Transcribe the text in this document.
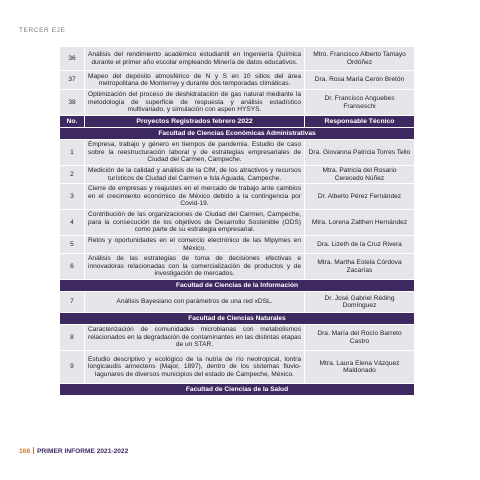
TERCER EJE
36	Análisis del rendimiento académico estudiantil en Ingeniería Química durante el primer año escolar empleando Minería de datos educativos.	Mtro. Francisco Alberto Tamayo Ordóñez
37	Mapeo del depósito atmosférico de N y S en 10 sitios del área metropolitana de Monterrey y durante dos temporadas climáticas.	Dra. Rosa María Cerón Bretón
38	Optimización del proceso de deshidratación de gas natural mediante la metodología de superficie de respuesta y análisis estadístico multivariado, y simulación con aspen HYSYS.	Dr. Francisco Anguebes Franseschi
No.	Proyectos Registrados febrero 2022	Responsable Técnico
Facultad de Ciencias Económicas Administrativas		
1	Empresa, trabajo y género en tiempos de pandemia. Estudio de caso sobre la reestructuración laboral y de estrategias empresariales de Ciudad del Carmen, Campeche.	Dra. Giovanna Patricia Torres Tello
2	Medición de la calidad y análisis de la CIM, de los atractivos y recursos turísticos de Ciudad del Carmen e Isla Aguada, Campeche.	Mtra. Patricia del Rosario Cerecedo Núñez
3	Cierre de empresas y reajustes en el mercado de trabajo ante cambios en el crecimiento económico de México debido a la contingencia por Covid-19.	Dr. Alberto Pérez Fernández
4	Contribución de las organizaciones de Ciudad del Carmen, Campeche, para la consecución de los objetivos de Desarrollo Sostenible (ODS) como parte de su estrategia empresarial.	Mtra. Lorena Zalthen Hernández
5	Retos y oportunidades en el comercio electrónico de las Mipymes en México.	Dra. Lizeth de la Cruz Rivera
6	Análisis de las estrategias de toma de decisiones efectivas e innovadoras relacionadas con la comercialización de productos y de investigación de mercados.	Mtra. Martha Estela Córdova Zacarías
Facultad de Ciencias de la Información		
7	Análisis Bayesiano con parámetros de una red xDSL.	Dr. José Gabriel Réding Domínguez
Facultad de Ciencias Naturales		
8	Caracterización de comunidades microbianas con metabolismos relacionados en la degradación de contaminantes en las distintas etapas de un STAR.	Dra. María del Rocío Barreto Castro
9	Estudio descriptivo y ecológico de la nutria de río neotropical, lontra longicaudis annectens (Major, 1897), dentro de los sistemas fluvio-lagunares de diversos municipios del estado de Campeche, México.	Mtra. Laura Elena Vázquez Maldonado
Facultad de Ciencias de la Salud		
168 PRIMER INFORME 2021-2022
